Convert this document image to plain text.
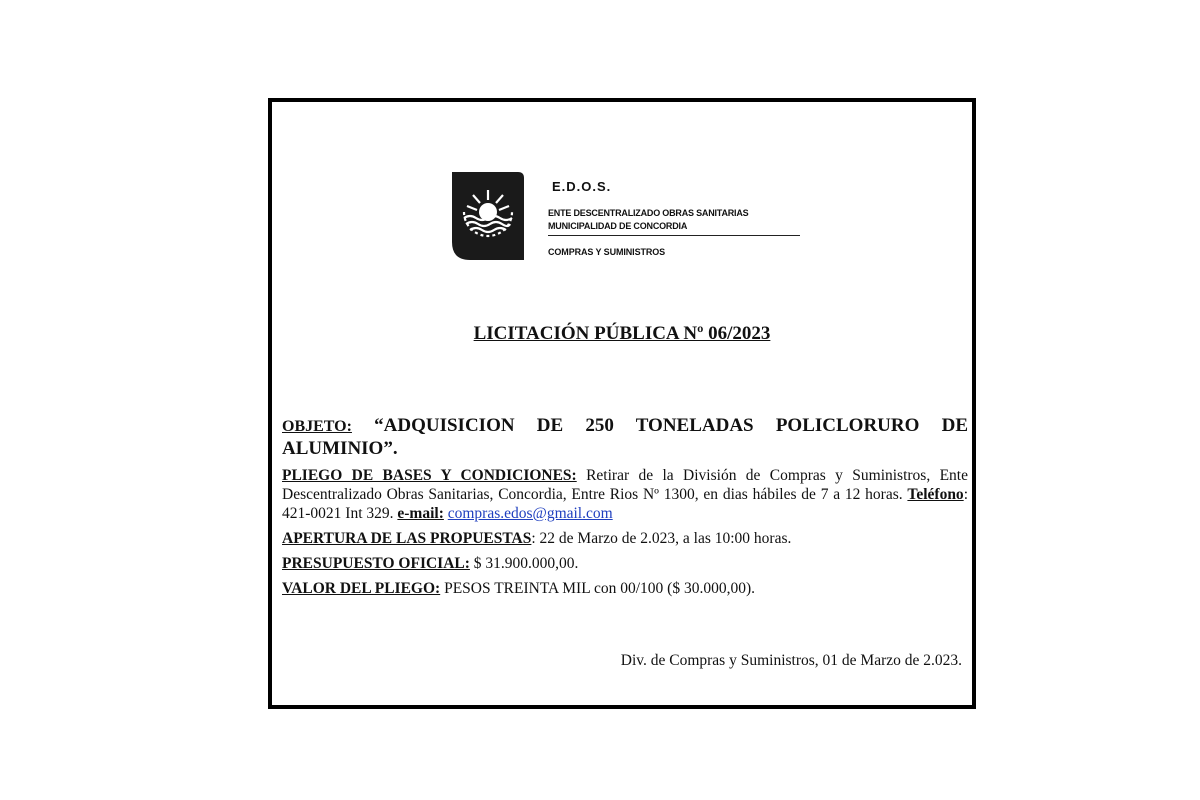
E.D.O.S.
ENTE DESCENTRALIZADO OBRAS SANITARIAS
MUNICIPALIDAD DE CONCORDIA
COMPRAS Y SUMINISTROS
LICITACIÓN PÚBLICA Nº 06/2023
OBJETO: “ADQUISICION DE 250 TONELADAS POLICLORURO DE ALUMINIO”.
PLIEGO DE BASES Y CONDICIONES: Retirar de la División de Compras y Suministros, Ente Descentralizado Obras Sanitarias, Concordia, Entre Rios Nº 1300, en dias hábiles de 7 a 12 horas. Teléfono: 421-0021 Int 329. e-mail: compras.edos@gmail.com
APERTURA DE LAS PROPUESTAS: 22 de Marzo de 2.023, a las 10:00 horas.
PRESUPUESTO OFICIAL: $ 31.900.000,00.
VALOR DEL PLIEGO: PESOS TREINTA MIL con 00/100 ($ 30.000,00).
Div. de Compras y Suministros, 01 de Marzo de 2.023.
